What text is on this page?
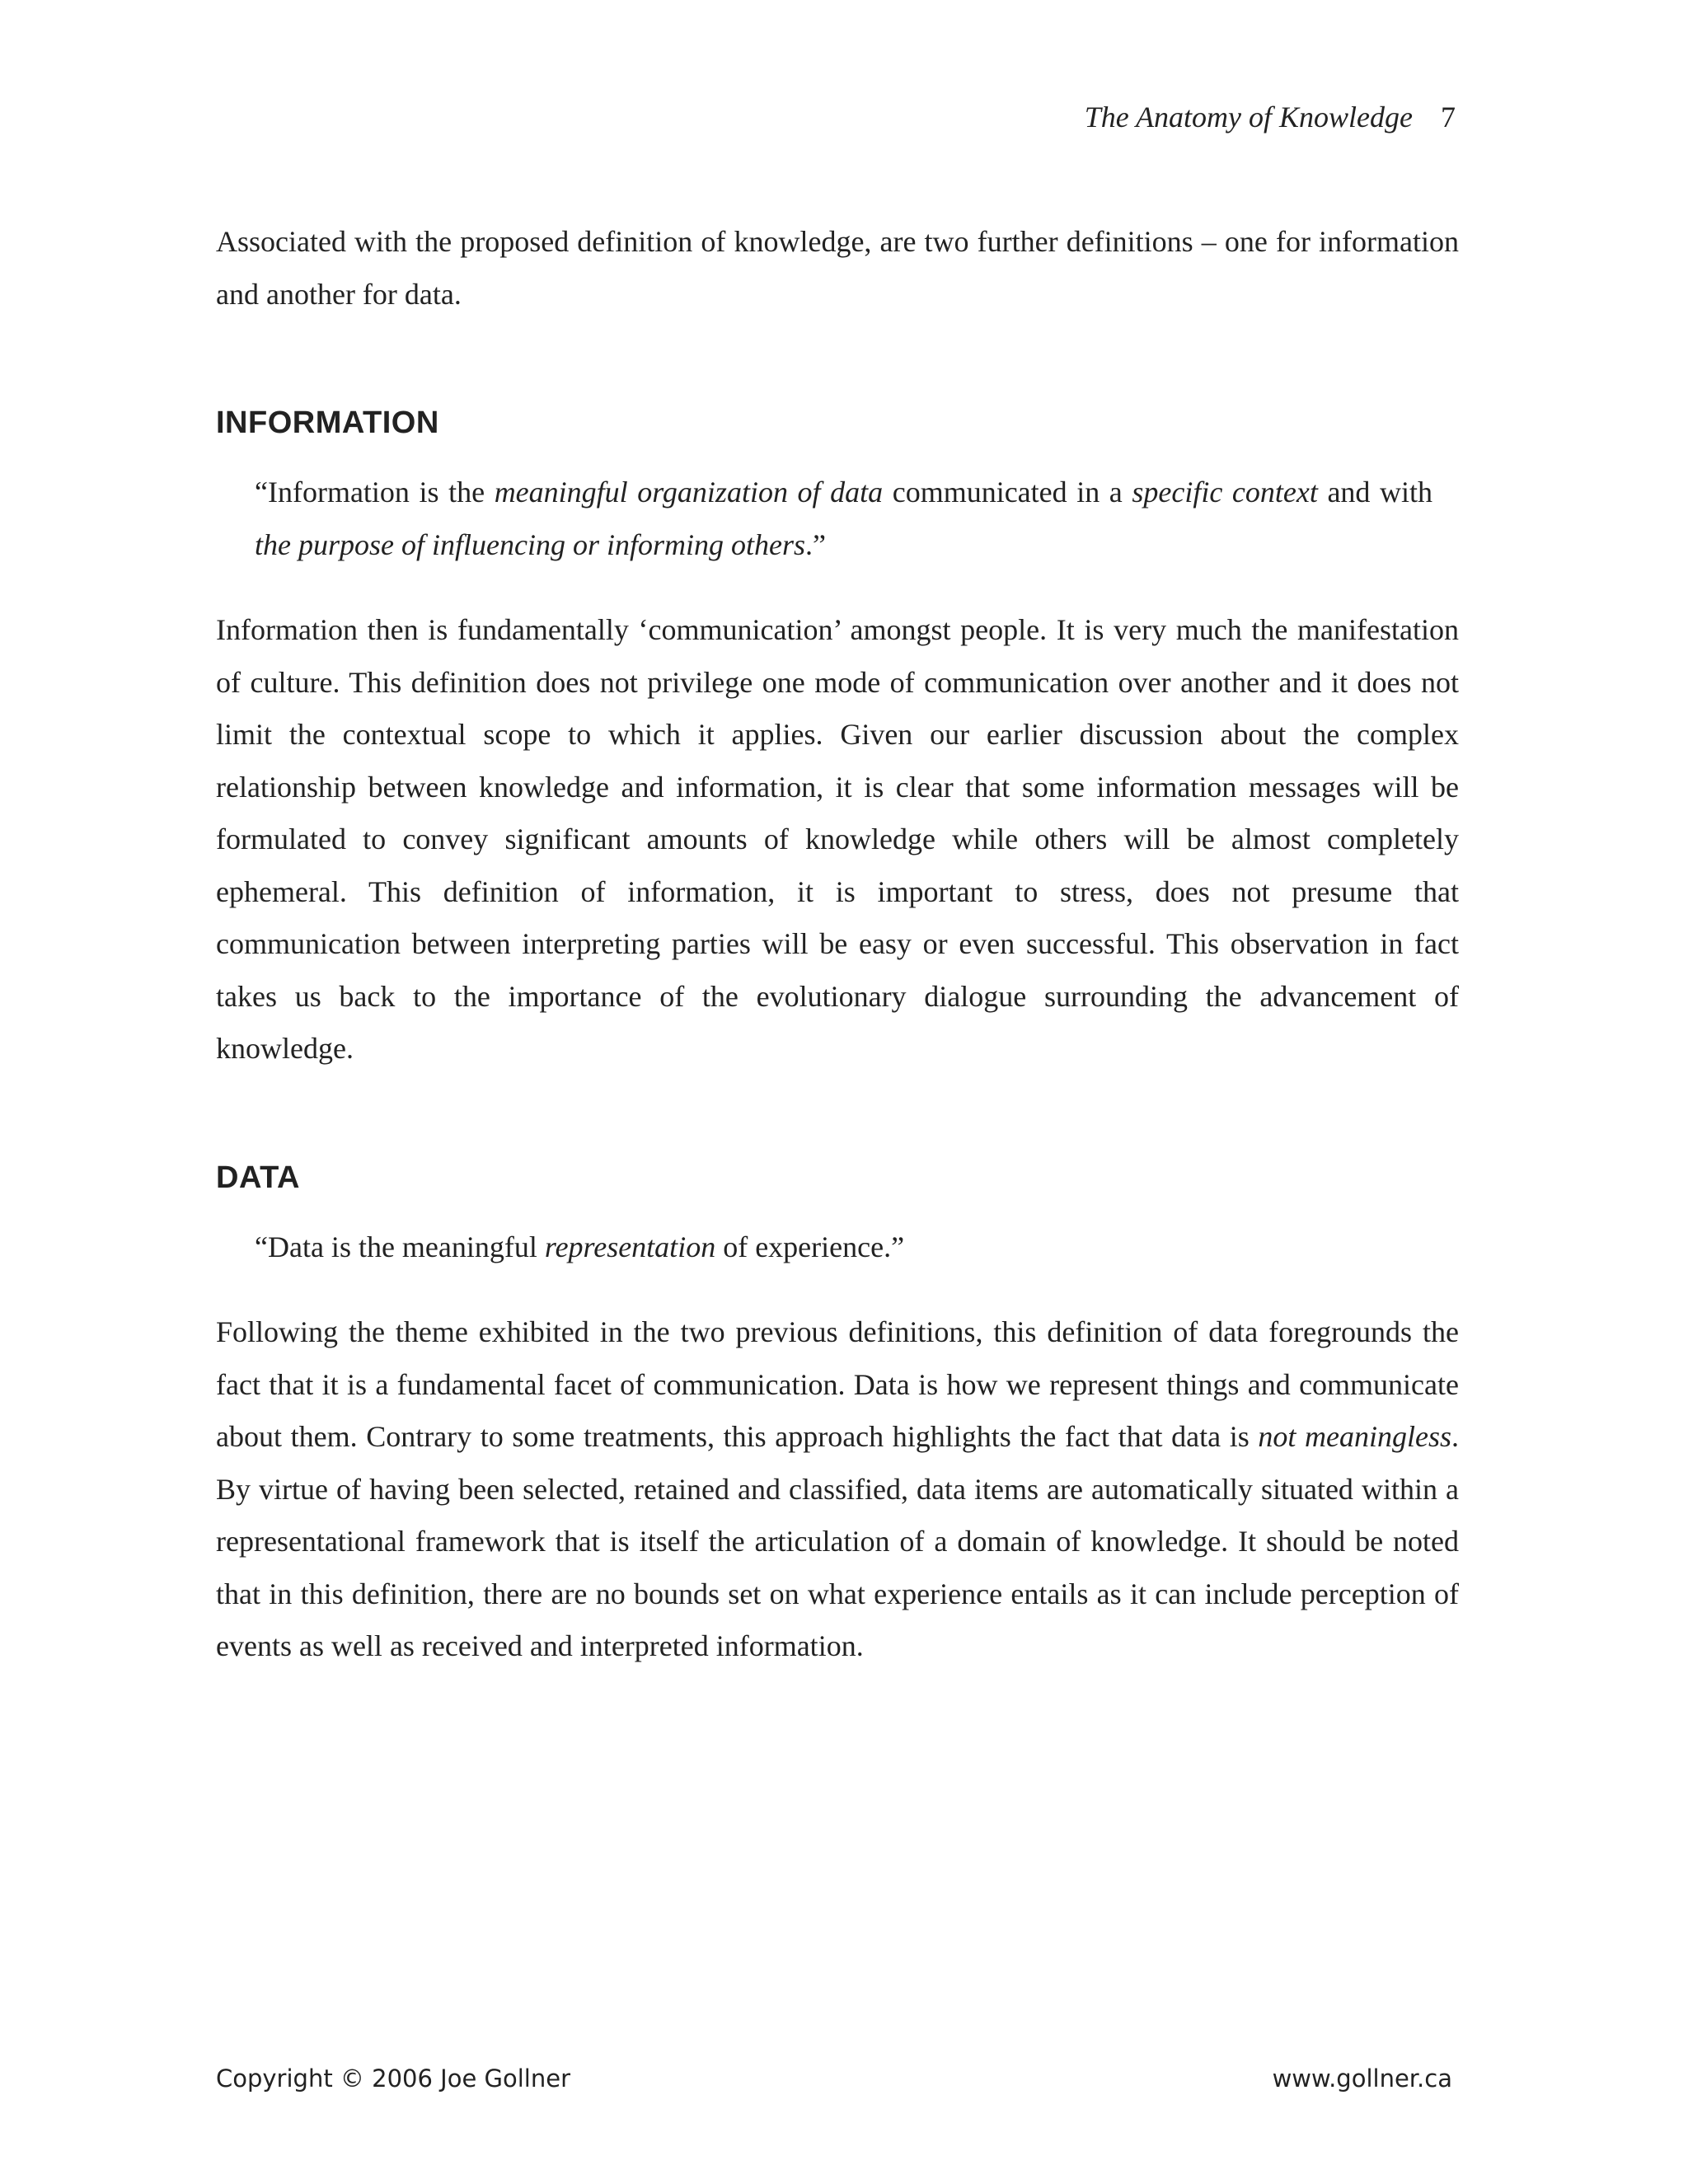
The Anatomy of Knowledge 7

Associated with the proposed definition of knowledge, are two further definitions – one for information and another for data.

INFORMATION
“Information is the meaningful organization of data communicated in a specific context and with the purpose of influencing or informing others.”

Information then is fundamentally ‘communication’ amongst people. It is very much the manifestation of culture. This definition does not privilege one mode of communication over another and it does not limit the contextual scope to which it applies. Given our earlier discussion about the complex relationship between knowledge and information, it is clear that some information messages will be formulated to convey significant amounts of knowledge while others will be almost completely ephemeral. This definition of information, it is important to stress, does not presume that communication between interpreting parties will be easy or even successful. This observation in fact takes us back to the importance of the evolutionary dialogue surrounding the advancement of knowledge.

DATA
“Data is the meaningful representation of experience.”

Following the theme exhibited in the two previous definitions, this definition of data foregrounds the fact that it is a fundamental facet of communication. Data is how we represent things and communicate about them. Contrary to some treatments, this approach highlights the fact that data is not meaningless. By virtue of having been selected, retained and classified, data items are automatically situated within a representational framework that is itself the articulation of a domain of knowledge. It should be noted that in this definition, there are no bounds set on what experience entails as it can include perception of events as well as received and interpreted information.

Copyright © 2006 Joe Gollner	www.gollner.ca
